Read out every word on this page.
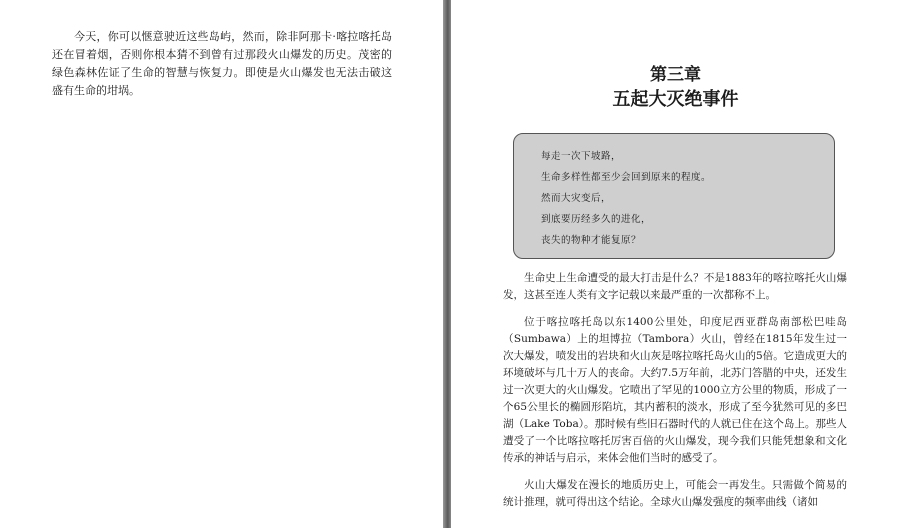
今天，你可以惬意驶近这些岛屿，然而，除非阿那卡·喀拉喀托岛还在冒着烟，否则你根本猜不到曾有过那段火山爆发的历史。茂密的绿色森林佐证了生命的智慧与恢复力。即使是火山爆发也无法击破这盛有生命的坩埚。

第三章
五起大灭绝事件
每走一次下坡路，
生命多样性都至少会回到原来的程度。
然而大灾变后，
到底要历经多久的进化，
丧失的物种才能复原？

生命史上生命遭受的最大打击是什么？不是1883年的喀拉喀托火山爆发，这甚至连人类有文字记载以来最严重的一次都称不上。

位于喀拉喀托岛以东1400公里处，印度尼西亚群岛南部松巴哇岛（Sumbawa）上的坦博拉（Tambora）火山，曾经在1815年发生过一次大爆发，喷发出的岩块和火山灰是喀拉喀托岛火山的5倍。它造成更大的环境破坏与几十万人的丧命。大约7.5万年前，北苏门答腊的中央，还发生过一次更大的火山爆发。它喷出了罕见的1000立方公里的物质，形成了一个65公里长的椭圆形陷坑，其内蓄积的淡水，形成了至今犹然可见的多巴湖（Lake Toba）。那时候有些旧石器时代的人就已住在这个岛上。那些人遭受了一个比喀拉喀托厉害百倍的火山爆发，现今我们只能凭想象和文化传承的神话与启示，来体会他们当时的感受了。

火山大爆发在漫长的地质历史上，可能会一再发生。只需做个简易的统计推理，就可得出这个结论。全球火山爆发强度的频率曲线（诸如
